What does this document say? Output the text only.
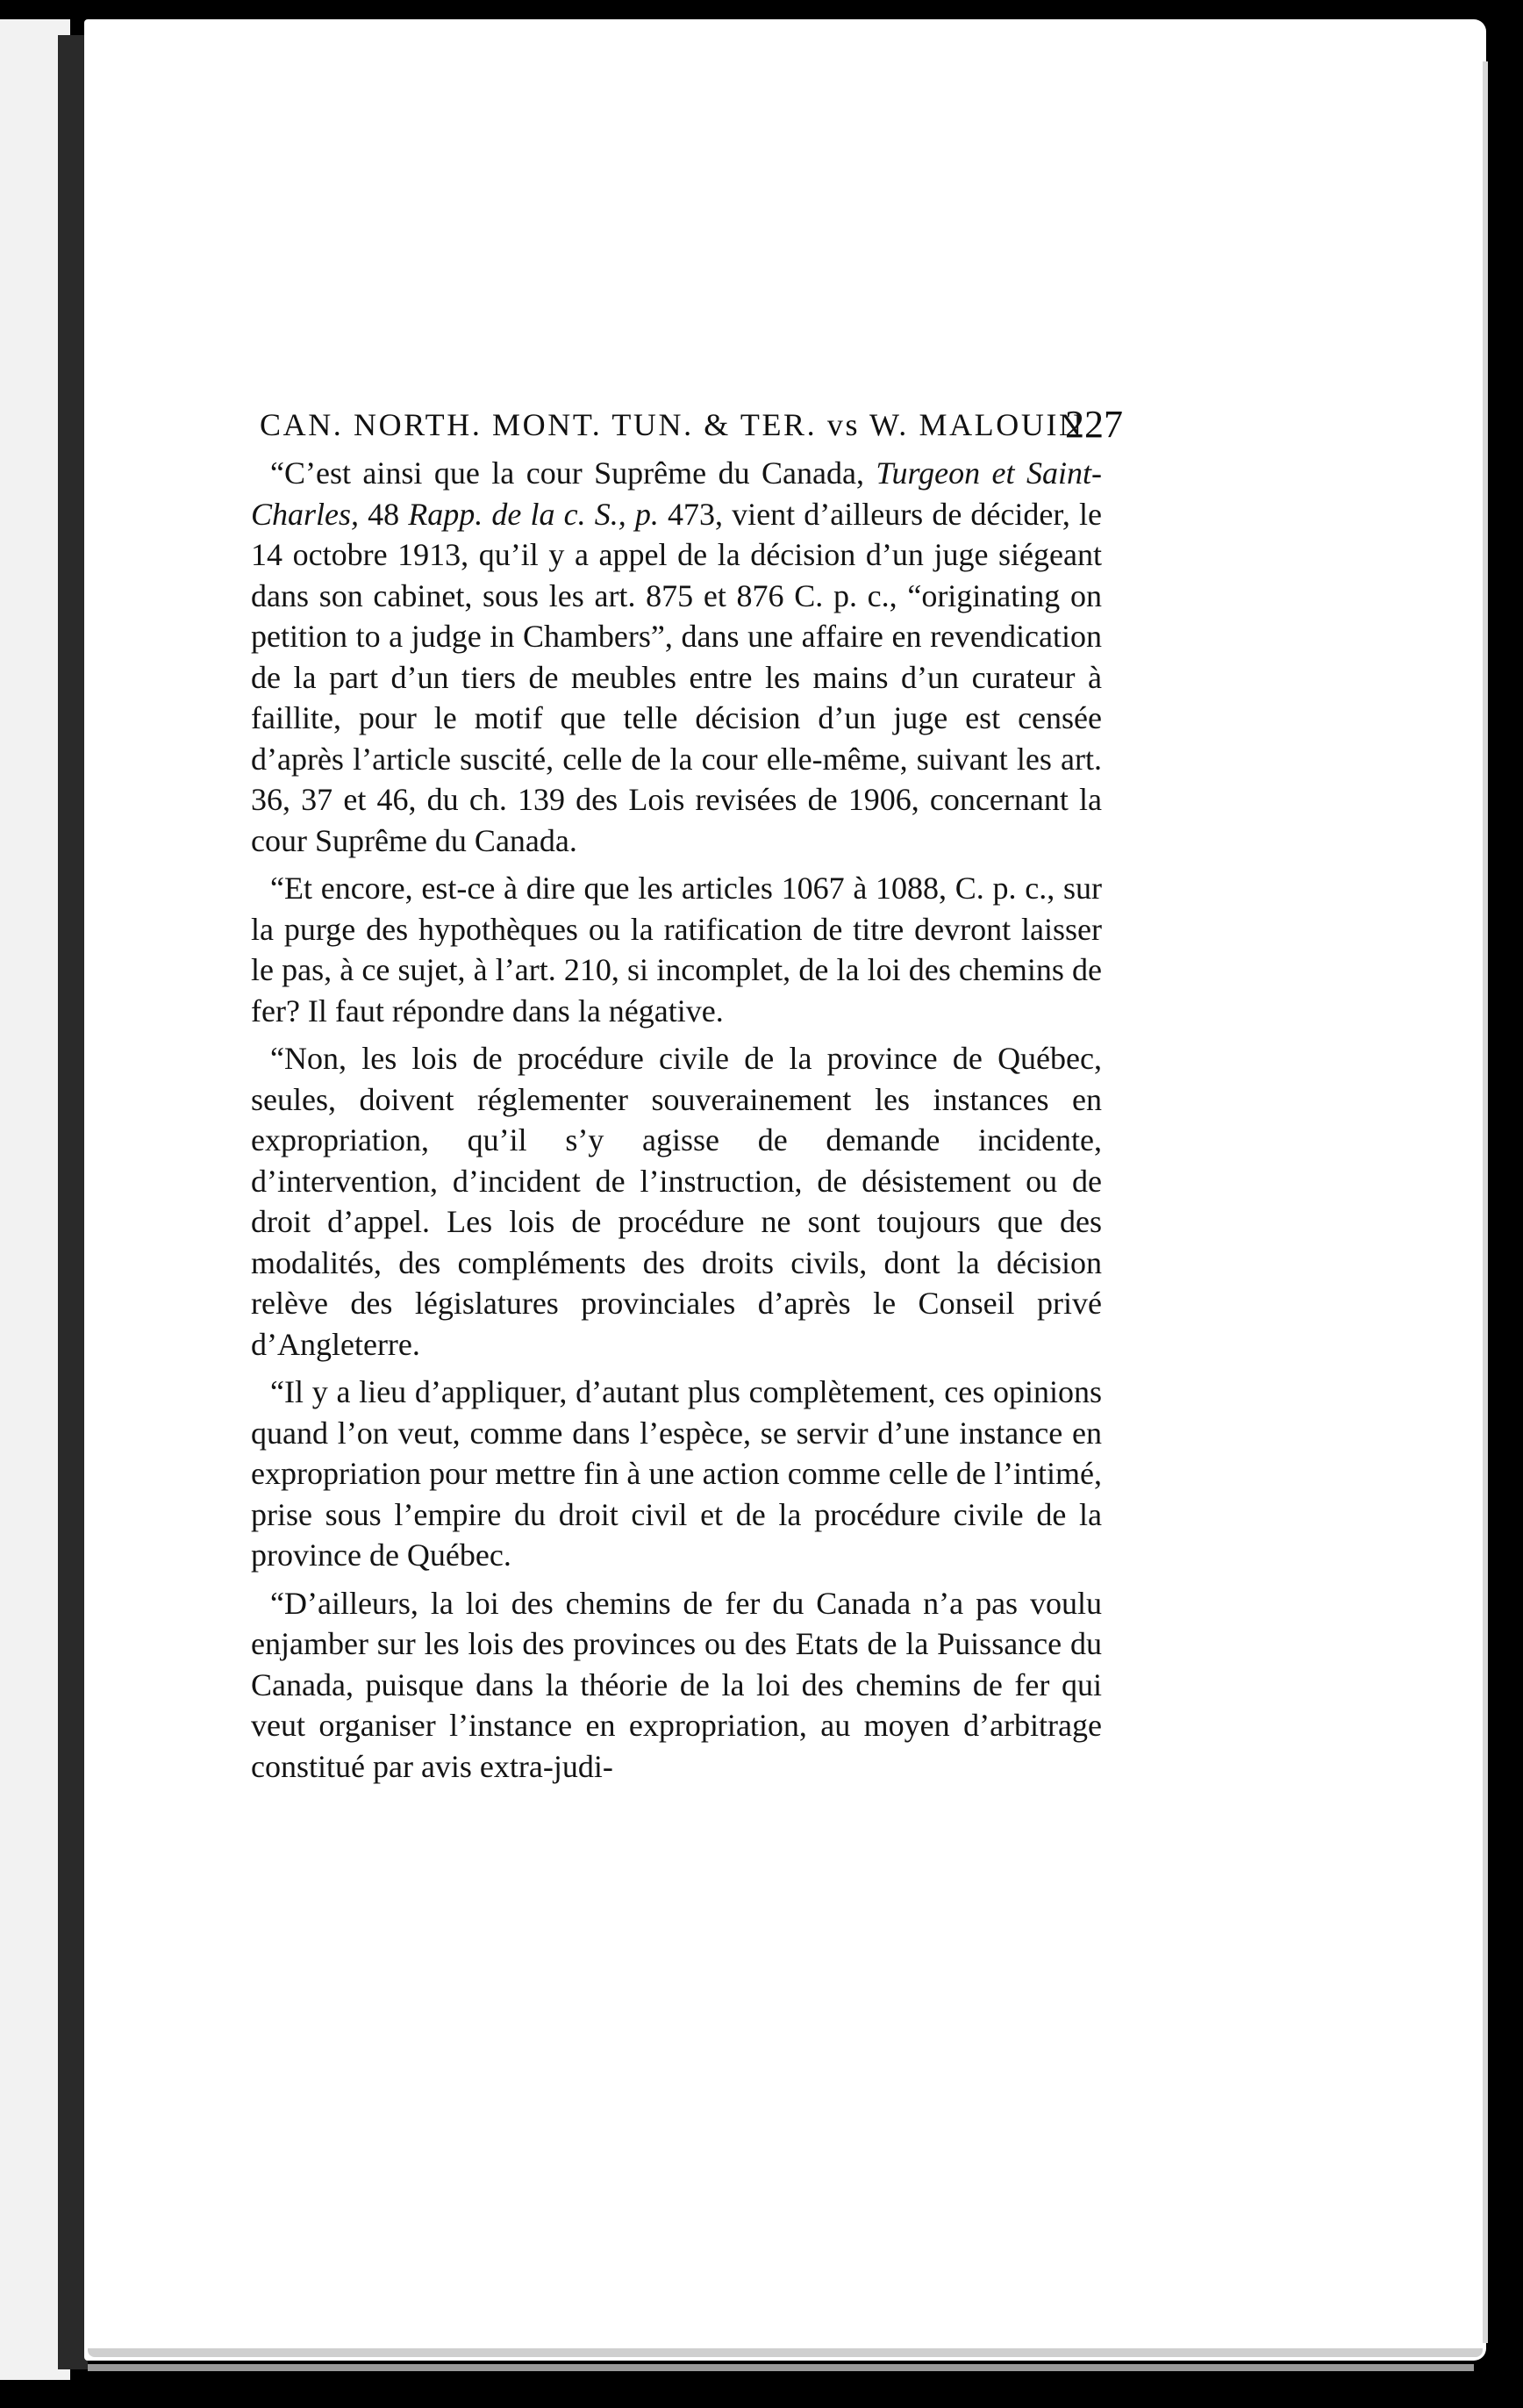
CAN. NORTH. MONT. TUN. & TER. vs W. MALOUIN
227

“C’est ainsi que la cour Suprême du Canada, Turgeon et Saint-Charles, 48 Rapp. de la c. S., p. 473, vient d’ailleurs de décider, le 14 octobre 1913, qu’il y a appel de la décision d’un juge siégeant dans son cabinet, sous les art. 875 et 876 C. p. c., “originating on petition to a judge in Chambers”, dans une affaire en revendication de la part d’un tiers de meubles entre les mains d’un curateur à faillite, pour le motif que telle décision d’un juge est censée d’après l’article suscité, celle de la cour elle-même, suivant les art. 36, 37 et 46, du ch. 139 des Lois revisées de 1906, concernant la cour Suprême du Canada.

“Et encore, est-ce à dire que les articles 1067 à 1088, C. p. c., sur la purge des hypothèques ou la ratification de titre devront laisser le pas, à ce sujet, à l’art. 210, si incomplet, de la loi des chemins de fer? Il faut répondre dans la négative.

“Non, les lois de procédure civile de la province de Québec, seules, doivent réglementer souverainement les instances en expropriation, qu’il s’y agisse de demande incidente, d’intervention, d’incident de l’instruction, de désistement ou de droit d’appel. Les lois de procédure ne sont toujours que des modalités, des compléments des droits civils, dont la décision relève des législatures provinciales d’après le Conseil privé d’Angleterre.

“Il y a lieu d’appliquer, d’autant plus complètement, ces opinions quand l’on veut, comme dans l’espèce, se servir d’une instance en expropriation pour mettre fin à une action comme celle de l’intimé, prise sous l’empire du droit civil et de la procédure civile de la province de Québec.

“D’ailleurs, la loi des chemins de fer du Canada n’a pas voulu enjamber sur les lois des provinces ou des Etats de la Puissance du Canada, puisque dans la théorie de la loi des chemins de fer qui veut organiser l’instance en expropriation, au moyen d’arbitrage constitué par avis extra-judi-
